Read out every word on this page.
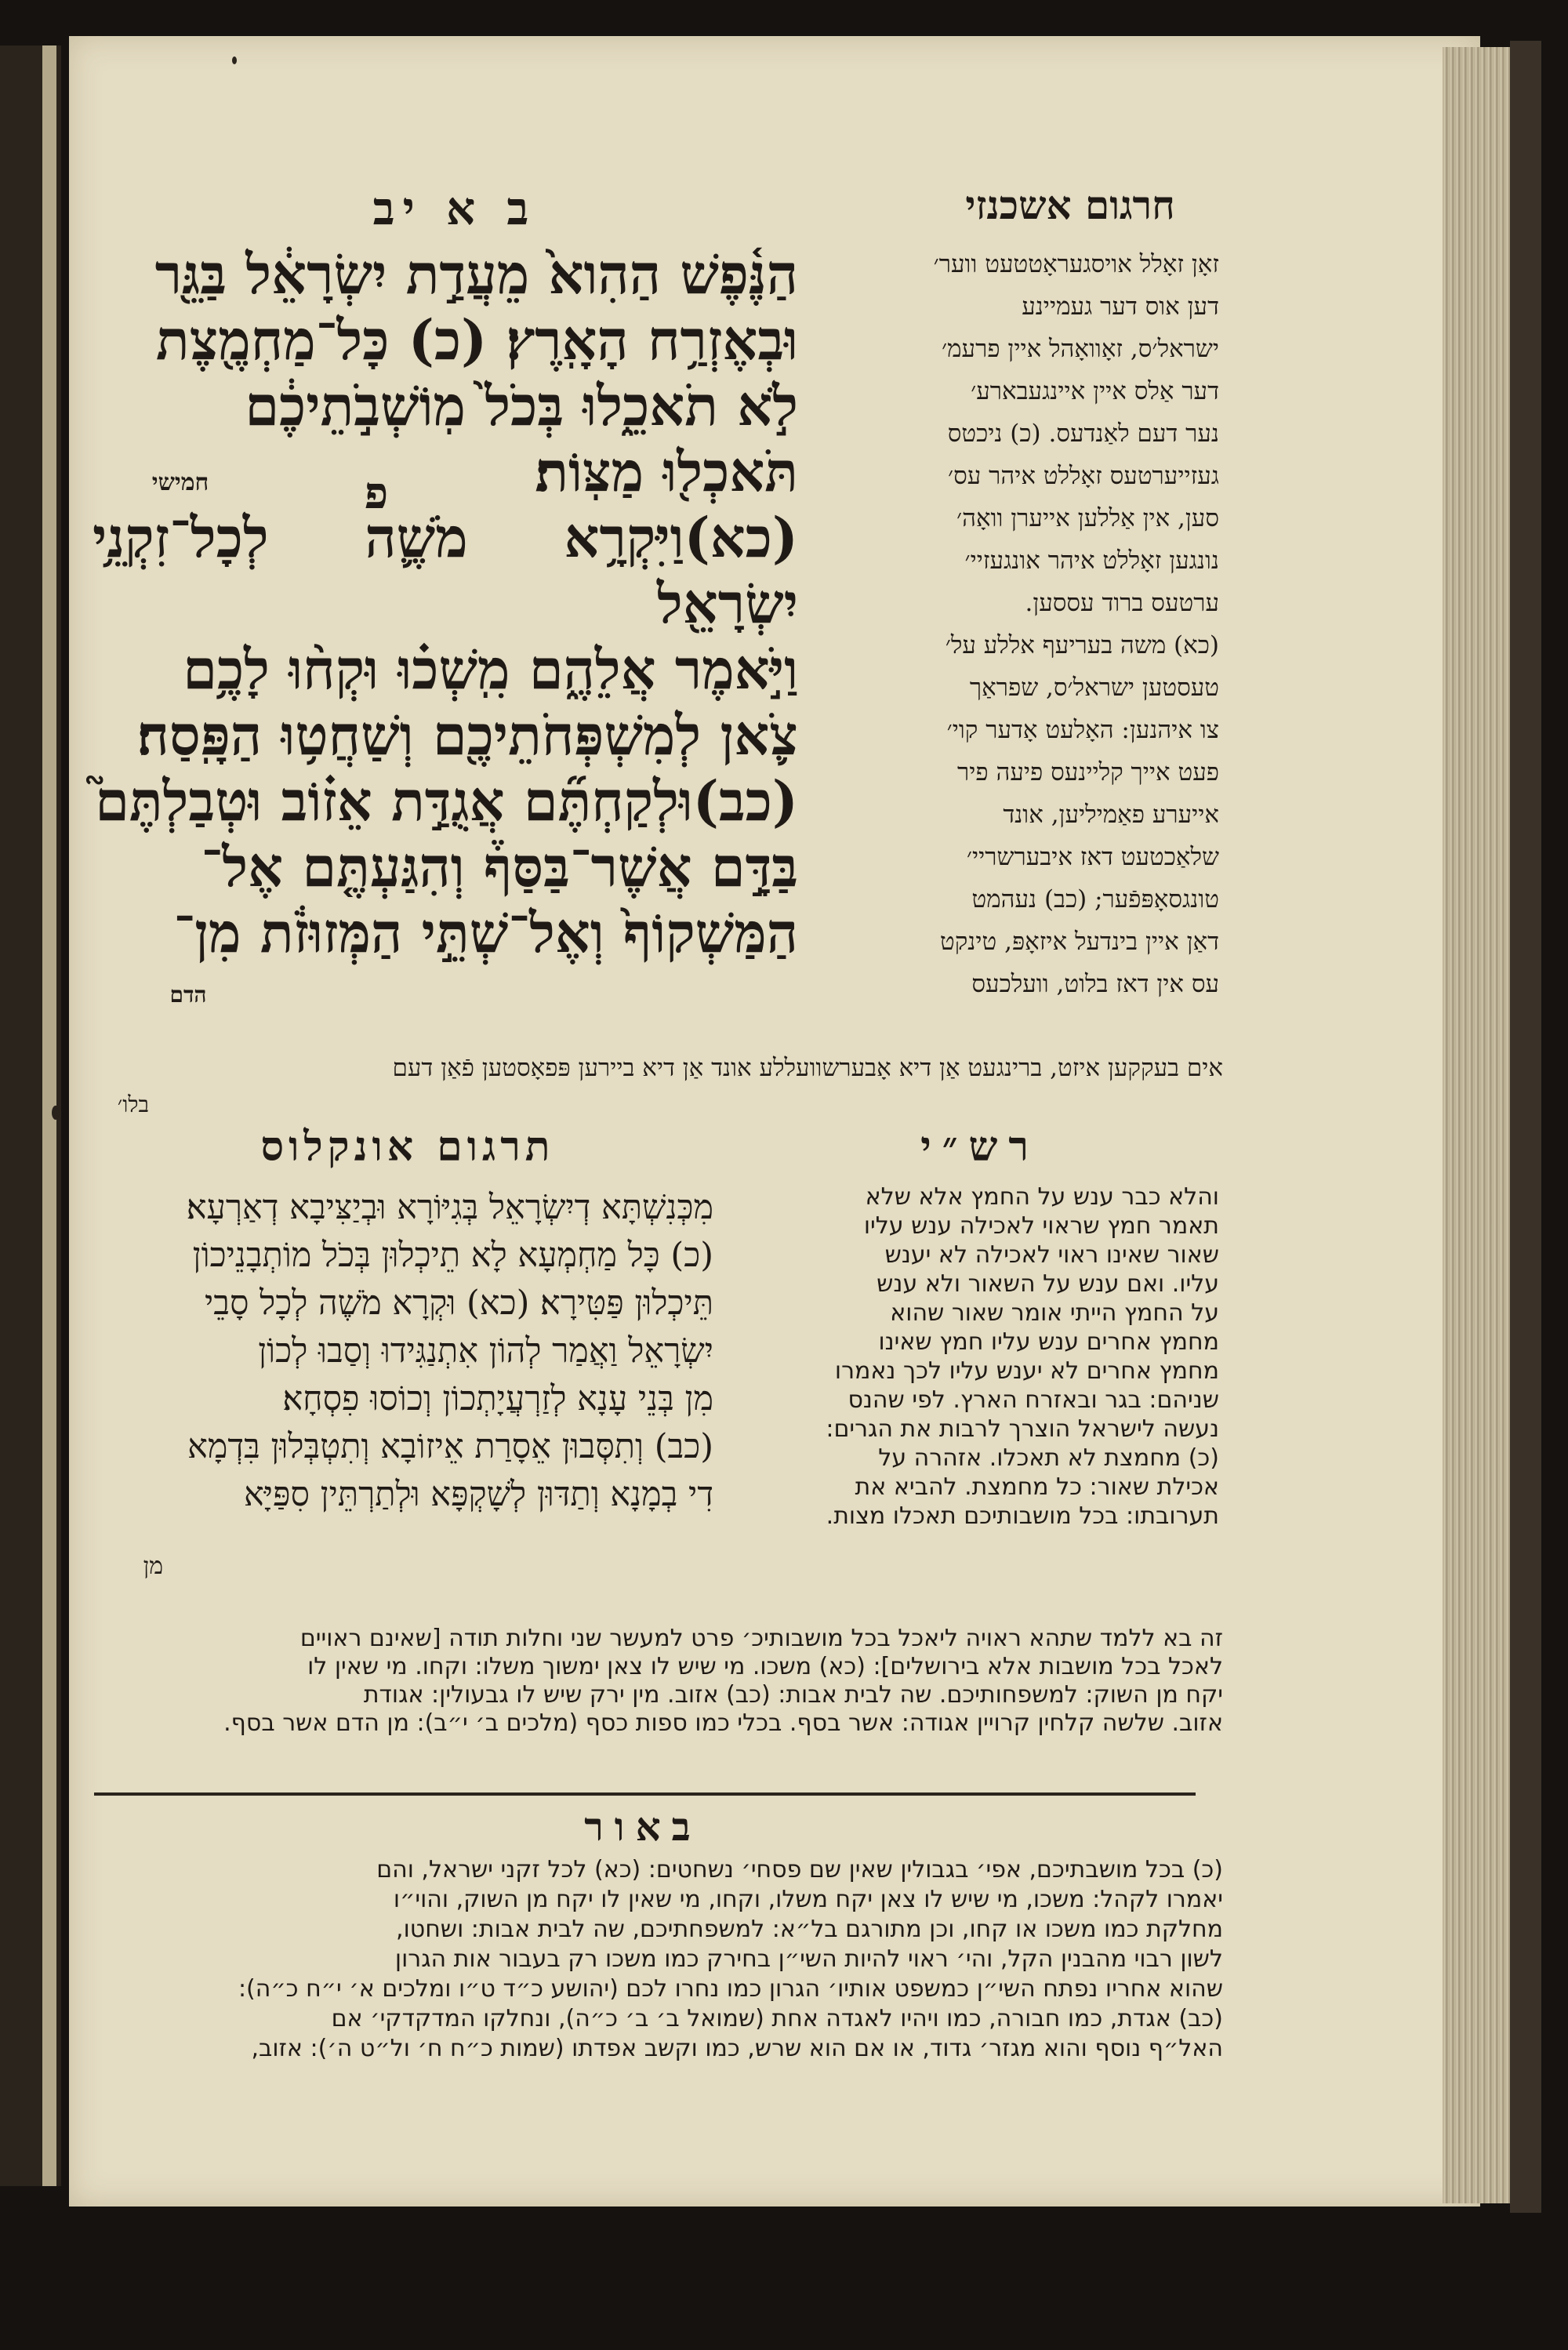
חרגום אשכנזי
ב א יב

הַנֶּ֫פֶשׁ הַהִוא֙ מֵעֲדַ֣ת יִשְׂרָאֵ֔ל בַּגֵּ֖ר

וּבְאֶזְרַ֥ח הָאָֽרֶץ׃ (כ) כָּל־מַחְמֶ֖צֶת

לֹ֣א תֹאכֵ֑לוּ בְּכֹל֙ מֽוֹשְׁבֹ֣תֵיכֶ֔ם

תֹּאכְל֖וּ מַצּֽוֹת׃

(כא)וַיִּקְרָ֥א מֹשֶׁ֛ה לְכָל־זִקְנֵ֥י יִשְׂרָאֵ֖ל

וַיֹּ֣אמֶר אֲלֵהֶ֑ם מִֽשְׁכ֗וּ וּקְח֨וּ לָכֶ֥ם

צֹ֛אן לְמִשְׁפְּחֹתֵיכֶ֖ם וְשַׁחֲט֥וּ הַפָּֽסַח׃

(כב)וּלְקַחְתֶּ֞ם אֲגֻדַּ֣ת אֵז֗וֹב וּטְבַלְתֶּם֮

בַּדָּ֣ם אֲשֶׁר־בַּסַּף֒ וְהִגַּעְתֶּ֤ם אֶל־

הַמַּשְׁקוֹף֙ וְאֶל־שְׁתֵּ֣י הַמְּזוּזֹ֔ת מִן־

פ
חמישי
הדם
זאָן זאָלל אויסגעראָטטעט ווער׳
דען אוס דער געמיינע
ישראל׳ס, זאָוואָהל איין פרעמ׳
דער אַלס איין איינגעבארע׳
נער דעם לאַנדעס. (כ) ניכטס
געזייערטעס זאָללט איהר עס׳
סען, אין אַללען אייערן וואָה׳
נונגען זאָללט איהר אונגעזיי׳
ערטעס ברוד עססען.
(כא) משה בעריעף אללע על׳
טעסטען ישראל׳ס, שפראַך
צו איהנען: האָלעט אָדער קוי׳
פעט אייך קליינעס פיעה פיר
אייערע פאַמיליען, אונד
שלאַכטעט דאז איבערשריי׳
טונגסאָפּפֿער; (כב) נעהמט
דאַן איין בינדעל איזאָפּ, טינקט
עס אין דאז בלוט, וועלכעס
אים בעקקען איזט, ברינגעט אַן דיא אָבערשוועללע אונד אַן דיא ביירען פּפאָסטען פֿאַן דעם
בלו׳
תרגום אונקלוס	רש״י
מִכְּנִשְׁתָּא דְיִשְׂרָאֵל בְּגִיּוֹרָא וּבְיַצִּיבָא דְאַרְעָא׃
(כ) כָּל מַחְמְעָא לָא תֵיכְלוּן בְּכֹל מוֹתְבָנֵיכוֹן
תֵּיכְלוּן פַּטִּירָא׃ (כא) וּקְרָא מֹשֶׁה לְכָל סָבֵי
יִשְׂרָאֵל וַאֲמַר לְהוֹן אִתְנַגִּידוּ וְסַבוּ לְכוֹן
מִן בְּנֵי עָנָא לְזַרְעֲיָתְכוֹן וְכוֹסוּ פִסְחָא׃
(כב) וְתִסְּבוּן אֵסָרַת אֵיזוֹבָא וְתִטְבְּלוּן בִּדְמָא
דִי בְמָנָא וְתַדּוּן לְשָׁקְפָּא וּלְתַרְתֵּין סִפַּיָּא
מן
והלא כבר ענש על החמץ אלא שלא
תאמר חמץ שראוי לאכילה ענש עליו
שאור שאינו ראוי לאכילה לא יענש
עליו. ואם ענש על השאור ולא ענש
על החמץ הייתי אומר שאור שהוא
מחמץ אחרים ענש עליו חמץ שאינו
מחמץ אחרים לא יענש עליו לכך נאמרו
שניהם: בגר ובאזרח הארץ. לפי שהנס
נעשה לישראל הוצרך לרבות את הגרים:
(כ) מחמצת לא תאכלו. אזהרה על
אכילת שאור: כל מחמצת. להביא את
תערובתו: בכל מושבותיכם תאכלו מצות.
זה בא ללמד שתהא ראויה ליאכל בכל מושבותיכ׳ פרט למעשר שני וחלות תודה [שאינם ראויים
לאכל בכל מושבות אלא בירושלים]: (כא) משכו. מי שיש לו צאן ימשוך משלו: וקחו. מי שאין לו
יקח מן השוק: למשפחותיכם. שה לבית אבות: (כב) אזוב. מין ירק שיש לו גבעולין: אגודת
אזוב. שלשה קלחין קרויין אגודה: אשר בסף. בכלי כמו ספות כסף (מלכים ב׳ י״ב): מן הדם אשר בסף.
באור
(כ) בכל מושבתיכם, אפי׳ בגבולין שאין שם פסחי׳ נשחטים: (כא) לכל זקני ישראל, והם
יאמרו לקהל: משכו, מי שיש לו צאן יקח משלו, וקחו, מי שאין לו יקח מן השוק, והוי״ו
מחלקת כמו משכו או קחו, וכן מתורגם בל״א: למשפחתיכם, שה לבית אבות: ושחטו,
לשון רבוי מהבנין הקל, והי׳ ראוי להיות השי״ן בחירק כמו משכו רק בעבור אות הגרון
שהוא אחריו נפתח השי״ן כמשפט אותיו׳ הגרון כמו נחרו לכם (יהושע כ״ד ט״ו ומלכים א׳ י״ח כ״ה):
(כב) אגדת, כמו חבורה, כמו ויהיו לאגדה אחת (שמואל ב׳ ב׳ כ״ה), ונחלקו המדקדקי׳ אם
האל״ף נוסף והוא מגזר׳ גדוד, או אם הוא שרש, כמו וקשב אפדתו (שמות כ״ח ח׳ ול״ט ה׳): אזוב,
